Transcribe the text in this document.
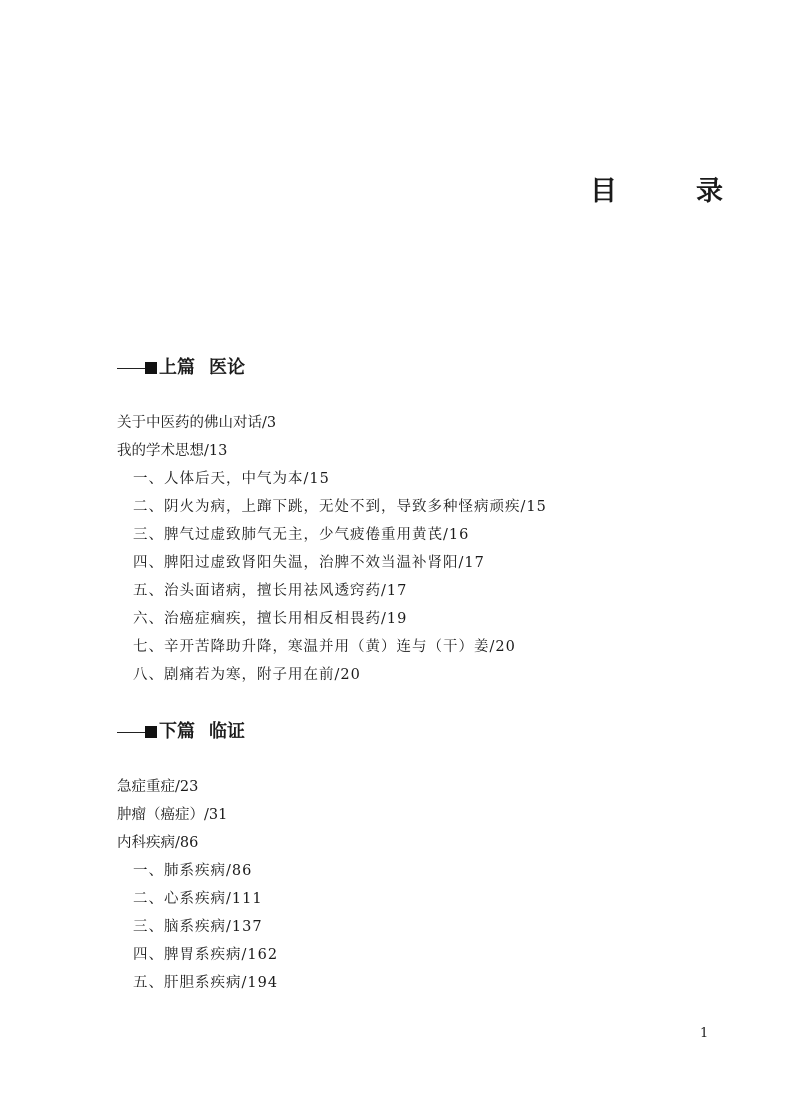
目　录
上篇 医论
关于中医药的佛山对话/3
我的学术思想/13
一、人体后天，中气为本/15
二、阴火为病，上蹿下跳，无处不到，导致多种怪病顽疾/15
三、脾气过虚致肺气无主，少气疲倦重用黄芪/16
四、脾阳过虚致肾阳失温，治脾不效当温补肾阳/17
五、治头面诸病，擅长用祛风透窍药/17
六、治癌症痼疾，擅长用相反相畏药/19
七、辛开苦降助升降，寒温并用（黄）连与（干）姜/20
八、剧痛若为寒，附子用在前/20
下篇 临证
急症重症/23
肿瘤（癌症）/31
内科疾病/86
一、肺系疾病/86
二、心系疾病/111
三、脑系疾病/137
四、脾胃系疾病/162
五、肝胆系疾病/194
1
